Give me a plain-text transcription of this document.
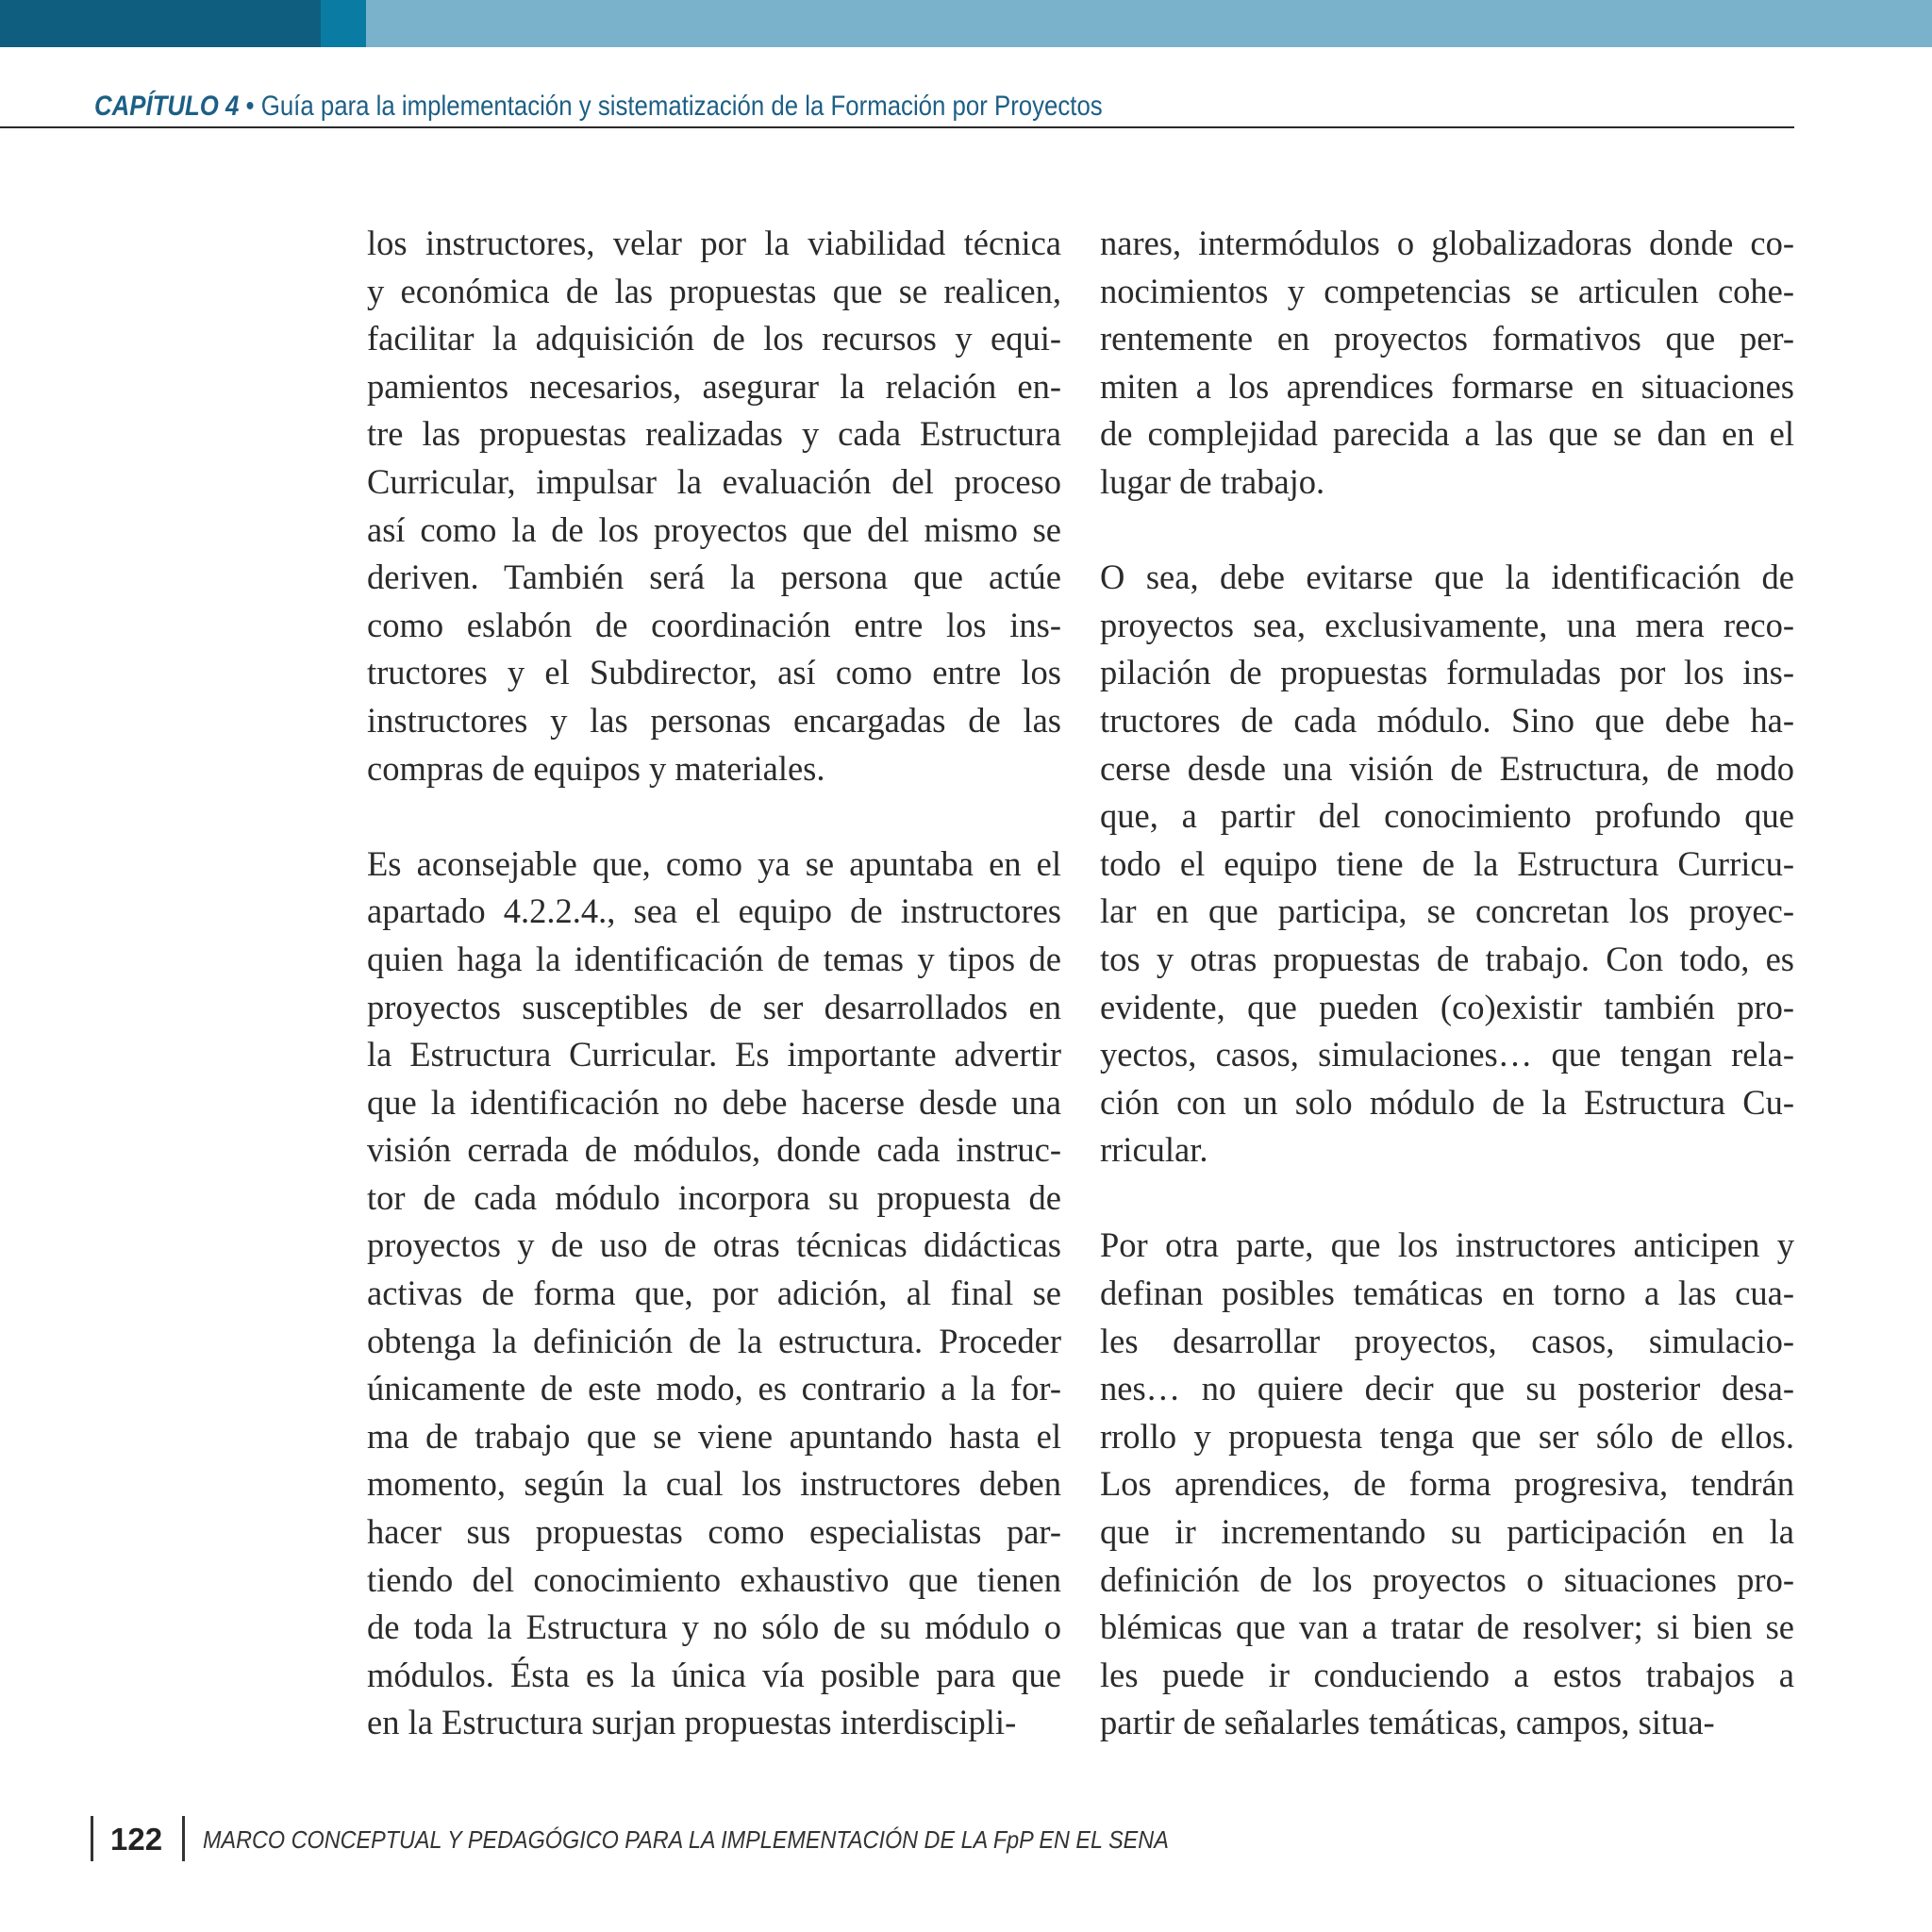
CAPÍTULO 4 • Guía para la implementación y sistematización de la Formación por Proyectos
los instructores, velar por la viabilidad técnica
y económica de las propuestas que se realicen,
facilitar la adquisición de los recursos y equi-
pamientos necesarios, asegurar la relación en-
tre las propuestas realizadas y cada Estructura
Curricular, impulsar la evaluación del proceso
así como la de los proyectos que del mismo se
deriven. También será la persona que actúe
como eslabón de coordinación entre los ins-
tructores y el Subdirector, así como entre los
instructores y las personas encargadas de las
compras de equipos y materiales.
Es aconsejable que, como ya se apuntaba en el
apartado 4.2.2.4., sea el equipo de instructores
quien haga la identificación de temas y tipos de
proyectos susceptibles de ser desarrollados en
la Estructura Curricular. Es importante advertir
que la identificación no debe hacerse desde una
visión cerrada de módulos, donde cada instruc-
tor de cada módulo incorpora su propuesta de
proyectos y de uso de otras técnicas didácticas
activas de forma que, por adición, al final se
obtenga la definición de la estructura. Proceder
únicamente de este modo, es contrario a la for-
ma de trabajo que se viene apuntando hasta el
momento, según la cual los instructores deben
hacer sus propuestas como especialistas par-
tiendo del conocimiento exhaustivo que tienen
de toda la Estructura y no sólo de su módulo o
módulos. Ésta es la única vía posible para que
en la Estructura surjan propuestas interdiscipli-
nares, intermódulos o globalizadoras donde co-
nocimientos y competencias se articulen cohe-
rentemente en proyectos formativos que per-
miten a los aprendices formarse en situaciones
de complejidad parecida a las que se dan en el
lugar de trabajo.
O sea, debe evitarse que la identificación de
proyectos sea, exclusivamente, una mera reco-
pilación de propuestas formuladas por los ins-
tructores de cada módulo. Sino que debe ha-
cerse desde una visión de Estructura, de modo
que, a partir del conocimiento profundo que
todo el equipo tiene de la Estructura Curricu-
lar en que participa, se concretan los proyec-
tos y otras propuestas de trabajo. Con todo, es
evidente, que pueden (co)existir también pro-
yectos, casos, simulaciones… que tengan rela-
ción con un solo módulo de la Estructura Cu-
rricular.
Por otra parte, que los instructores anticipen y
definan posibles temáticas en torno a las cua-
les desarrollar proyectos, casos, simulacio-
nes… no quiere decir que su posterior desa-
rrollo y propuesta tenga que ser sólo de ellos.
Los aprendices, de forma progresiva, tendrán
que ir incrementando su participación en la
definición de los proyectos o situaciones pro-
blémicas que van a tratar de resolver; si bien se
les puede ir conduciendo a estos trabajos a
partir de señalarles temáticas, campos, situa-
122 MARCO CONCEPTUAL Y PEDAGÓGICO PARA LA IMPLEMENTACIÓN DE LA FpP EN EL SENA
